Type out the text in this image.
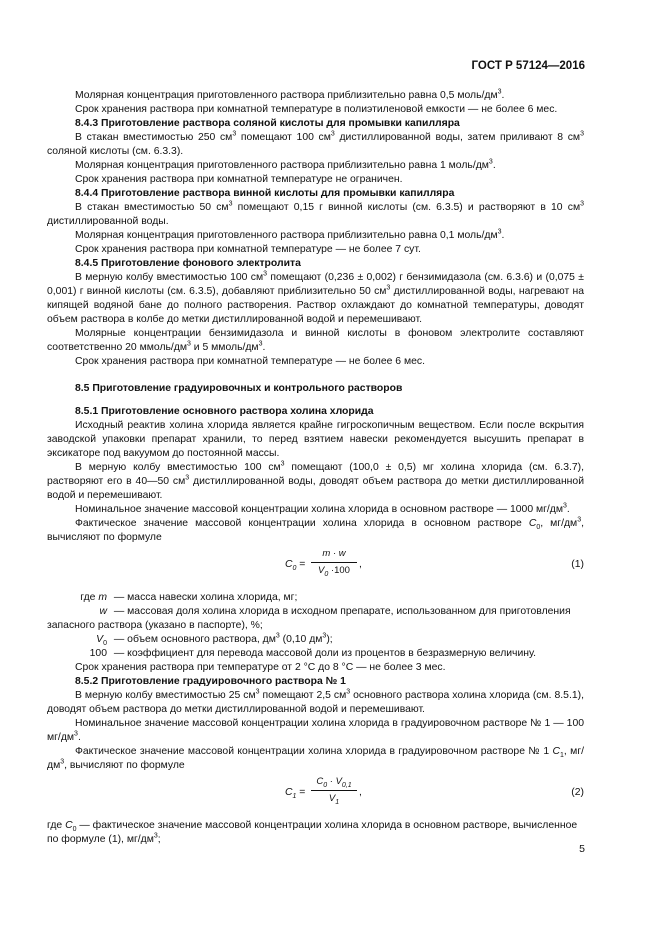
ГОСТ Р 57124—2016

Молярная концентрация приготовленного раствора приблизительно равна 0,5 моль/$дм^3$.

Срок хранения раствора при комнатной температуре в полиэтиленовой емкости — не более 6 мес.

8.4.3 Приготовление раствора соляной кислоты для промывки капилляра

В стакан вместимостью 250 $см^3$ помещают 100 $см^3$ дистиллированной воды, затем приливают 8 $см^3$ соляной кислоты (см. 6.3.3).

Молярная концентрация приготовленного раствора приблизительно равна 1 моль/$дм^3$.

Срок хранения раствора при комнатной температуре не ограничен.

8.4.4 Приготовление раствора винной кислоты для промывки капилляра

В стакан вместимостью 50 $см^3$ помещают 0,15 г винной кислоты (см. 6.3.5) и растворяют в 10 $см^3$ дистиллированной воды.

Молярная концентрация приготовленного раствора приблизительно равна 0,1 моль/$дм^3$.

Срок хранения раствора при комнатной температуре — не более 7 сут.

8.4.5 Приготовление фонового электролита

В мерную колбу вместимостью 100 $см^3$ помещают (0,236 ± 0,002) г бензимидазола (см. 6.3.6) и (0,075 ± 0,001) г винной кислоты (см. 6.3.5), добавляют приблизительно 50 $см^3$ дистиллированной воды, нагревают на кипящей водяной бане до полного растворения. Раствор охлаждают до комнатной температуры, доводят объем раствора в колбе до метки дистиллированной водой и перемешивают.

Молярные концентрации бензимидазола и винной кислоты в фоновом электролите составляют соответственно 20 ммоль/$дм^3$ и 5 ммоль/$дм^3$.

Срок хранения раствора при комнатной температуре — не более 6 мес.

8.5 Приготовление градуировочных и контрольного растворов

8.5.1 Приготовление основного раствора холина хлорида

Исходный реактив холина хлорида является крайне гигроскопичным веществом. Если после вскрытия заводской упаковки препарат хранили, то перед взятием навески рекомендуется высушить препарат в эксикаторе под вакуумом до постоянной массы.

В мерную колбу вместимостью 100 $см^3$ помещают (100,0 ± 0,5) мг холина хлорида (см. 6.3.7), растворяют его в 40—50 $см^3$ дистиллированной воды, доводят объем раствора до метки дистиллированной водой и перемешивают.

Номинальное значение массовой концентрации холина хлорида в основном растворе — 1000 $мг/дм^3$.

Фактическое значение массовой концентрации холина хлорида в основном растворе $C_0$, $мг/дм^3$, вычисляют по формуле

$C_0 = \frac{m \cdot w}{V_0 \cdot 100}$ ,	(1)
где m — масса навески холина хлорида, мг;
w — массовая доля холина хлорида в исходном препарате, использованном для приготовления запасного раствора (указано в паспорте), %;
$V_0$ — объем основного раствора, $дм^3$ (0,10 $дм^3$);
100 — коэффициент для перевода массовой доли из процентов в безразмерную величину.

Срок хранения раствора при температуре от 2 °С до 8 °С — не более 3 мес.

8.5.2 Приготовление градуировочного раствора № 1

В мерную колбу вместимостью 25 $см^3$ помещают 2,5 $см^3$ основного раствора холина хлорида (см. 8.5.1), доводят объем раствора до метки дистиллированной водой и перемешивают.

Номинальное значение массовой концентрации холина хлорида в градуировочном растворе № 1 — 100 $мг/дм^3$.

Фактическое значение массовой концентрации холина хлорида в градуировочном растворе № 1 $C_1$, $мг/дм^3$, вычисляют по формуле

$C_1 = \frac{C_0 \cdot V_{0,1}}{V_1}$ ,	(2)
где $C_0$ — фактическое значение массовой концентрации холина хлорида в основном растворе, вычисленное по формуле (1), $мг/дм^3$;
5
